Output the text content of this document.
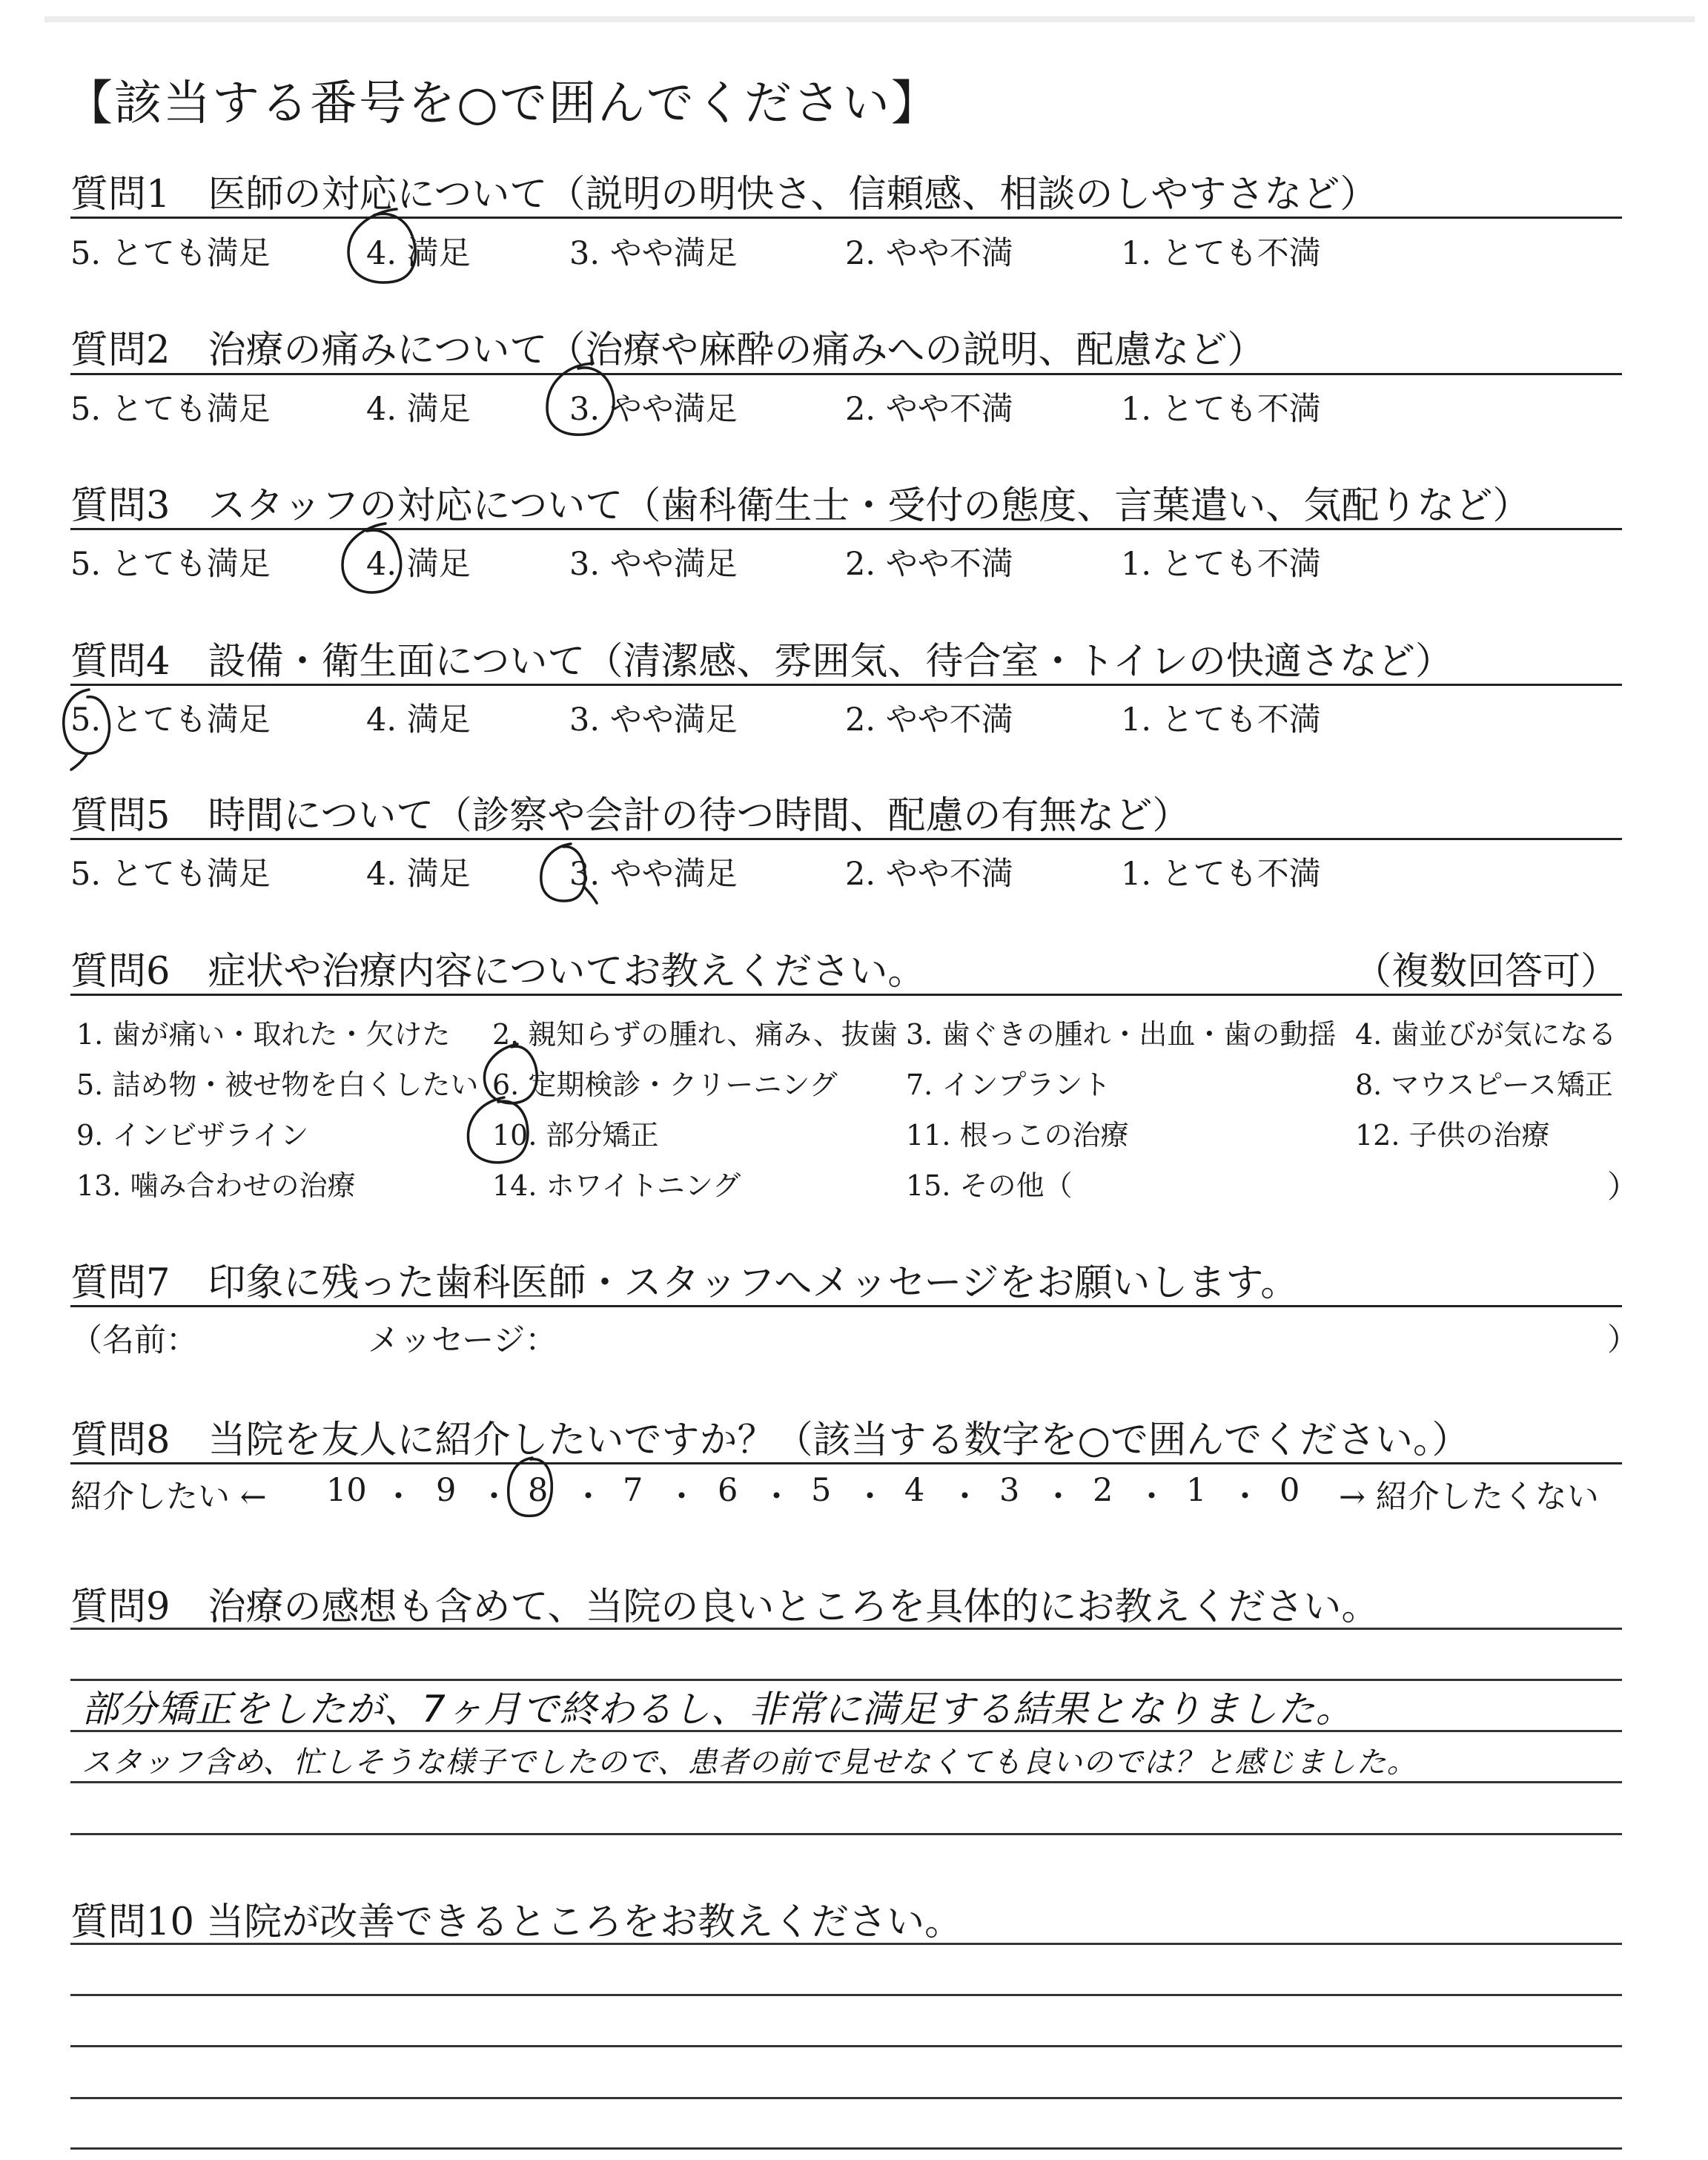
【該当する番号を○で囲んでください】
質問1　医師の対応について（説明の明快さ、信頼感、相談のしやすさなど）
5. とても満足	4. 満足	3. やや満足	2. やや不満	1. とても不満
質問2　治療の痛みについて（治療や麻酔の痛みへの説明、配慮など）
5. とても満足	4. 満足	3. やや満足	2. やや不満	1. とても不満
質問3　スタッフの対応について（歯科衛生士・受付の態度、言葉遣い、気配りなど）
5. とても満足	4. 満足	3. やや満足	2. やや不満	1. とても不満
質問4　設備・衛生面について（清潔感、雰囲気、待合室・トイレの快適さなど）
5. とても満足	4. 満足	3. やや満足	2. やや不満	1. とても不満
質問5　時間について（診察や会計の待つ時間、配慮の有無など）
5. とても満足	4. 満足	3. やや満足	2. やや不満	1. とても不満
質問6　症状や治療内容についてお教えください。	（複数回答可）
1. 歯が痛い・取れた・欠けた 2. 親知らずの腫れ、痛み、抜歯 3. 歯ぐきの腫れ・出血・歯の動揺 4. 歯並びが気になる
5. 詰め物・被せ物を白くしたい 6. 定期検診・クリーニング 7. インプラント	8. マウスピース矯正
9. インビザライン	10. 部分矯正	11. 根っこの治療	12. 子供の治療
13. 噛み合わせの治療	14. ホワイトニング	15. その他（	）
質問7　印象に残った歯科医師・スタッフへメッセージをお願いします。
（名前：	メッセージ：	）
質問8　当院を友人に紹介したいですか？（該当する数字を○で囲んでください。）
紹介したい ← 10 ・ 9 ・ 8 ・ 7 ・ 6 ・ 5 ・ 4 ・ 3 ・ 2 ・ 1 ・ 0 → 紹介したくない
質問9　治療の感想も含めて、当院の良いところを具体的にお教えください。
部分矯正をしたが、7ヶ月で終わるし、非常に満足する結果となりました。
スタッフ含め、忙しそうな様子でしたので、患者の前で見せなくても良いのでは？と感じました。
質問10 当院が改善できるところをお教えください。
